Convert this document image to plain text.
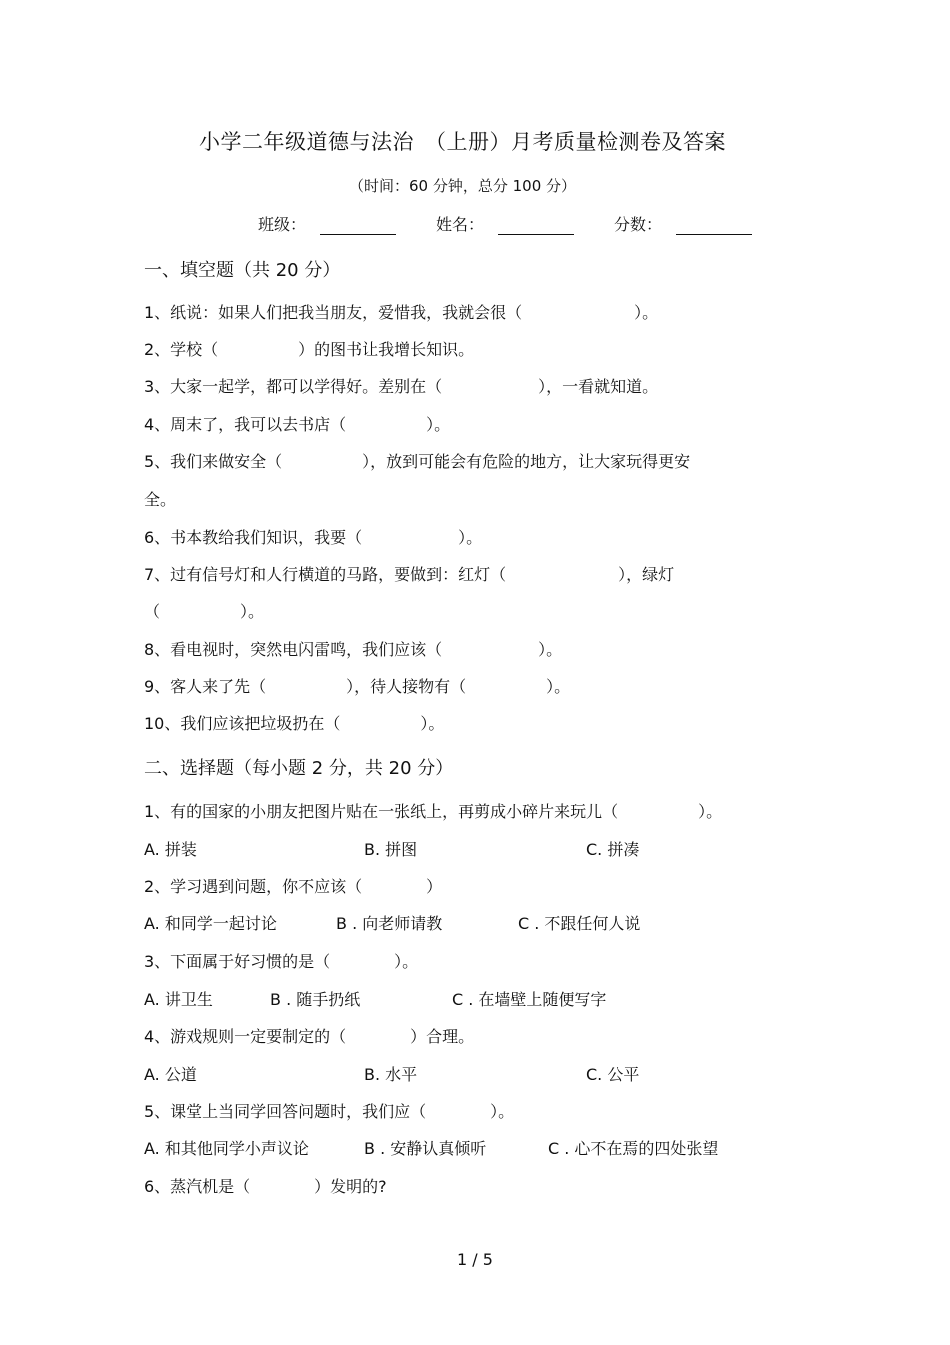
小学二年级道德与法治　（上册）月考质量检测卷及答案
（时间：60 分钟，总分 100 分）
班级：	姓名：	分数：
一、填空题（共 20 分）
1、纸说：如果人们把我当朋友，爱惜我，我就会很（　　　　　　　）。
2、学校（　　　　　）的图书让我增长知识。
3、大家一起学，都可以学得好。差别在（　　　　　　），一看就知道。
4、周末了，我可以去书店（　　　　　）。
5、我们来做安全（　　　　　），放到可能会有危险的地方，让大家玩得更安
全。
6、书本教给我们知识，我要（　　　　　　）。
7、过有信号灯和人行横道的马路，要做到：红灯（　　　　　　　），绿灯
（　　　　　）。
8、看电视时，突然电闪雷鸣，我们应该（　　　　　　）。
9、客人来了先（　　　　　），待人接物有（　　　　　）。
10、我们应该把垃圾扔在（　　　　　）。
二、选择题（每小题 2 分，共 20 分）
1、有的国家的小朋友把图片贴在一张纸上，再剪成小碎片来玩儿（　　　　　）。

A. 拼装

	B. 拼图

	C. 拼凑

2、学习遇到问题，你不应该（　　　　）

A. 和同学一起讨论

	B . 向老师请教

	C . 不跟任何人说

3、下面属于好习惯的是（　　　　）。

A. 讲卫生

	B . 随手扔纸

	C . 在墙壁上随便写字

4、游戏规则一定要制定的（　　　　）合理。

A. 公道

	B. 水平

	C. 公平

5、课堂上当同学回答问题时，我们应（　　　　）。

A. 和其他同学小声议论

	B . 安静认真倾听

	C . 心不在焉的四处张望

6、蒸汽机是（　　　　）发明的?
1 / 5
